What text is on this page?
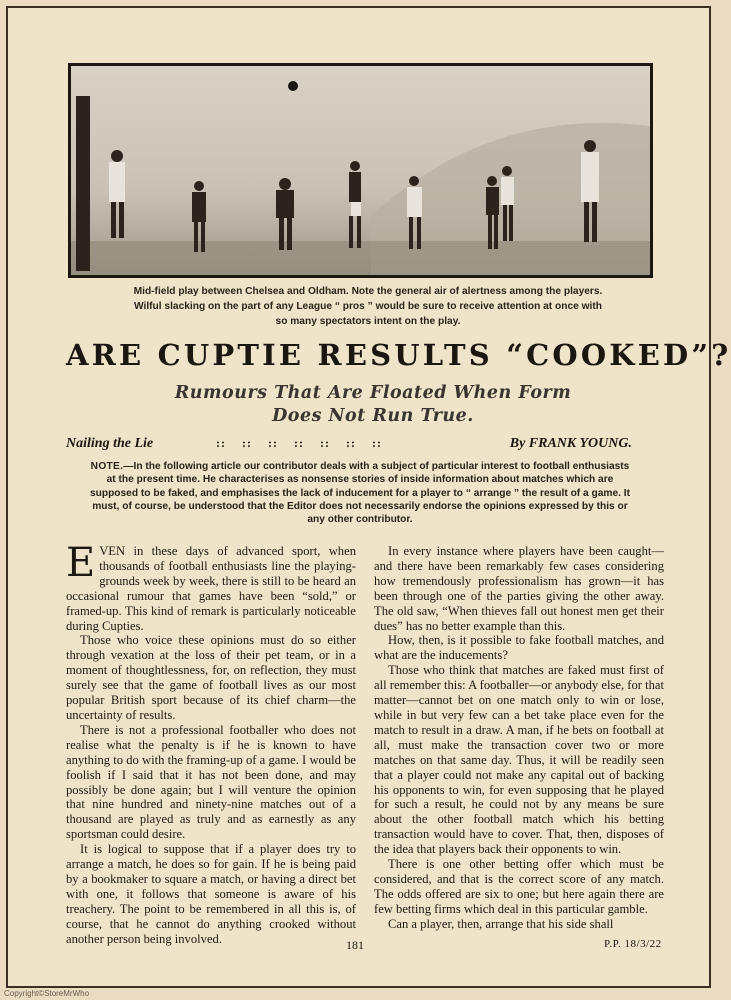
Mid-field play between Chelsea and Oldham. Note the general air of alertness among the players.
Wilful slacking on the part of any League “ pros ” would be sure to receive attention at once with
so many spectators intent on the play.
ARE CUPTIE RESULTS “COOKED”?
Rumours That Are Floated When Form
Does Not Run True.
Nailing the Lie	::    ::    ::    ::    ::    ::    ::	By FRANK YOUNG.
NOTE.—In the following article our contributor deals with a subject of particular interest to football enthusiasts at the present time. He characterises as nonsense stories of inside information about matches which are supposed to be faked, and emphasises the lack of inducement for a player to “ arrange ” the result of a game. It must, of course, be understood that the Editor does not necessarily endorse the opinions expressed by this or any other contributor.

EVEN in these days of advanced sport, when thousands of football enthusiasts line the playing-grounds week by week, there is still to be heard an occasional rumour that games have been “sold,” or framed-up. This kind of remark is particularly noticeable during Cupties.

Those who voice these opinions must do so either through vexation at the loss of their pet team, or in a moment of thoughtlessness, for, on reflection, they must surely see that the game of football lives as our most popular British sport because of its chief charm—the uncertainty of results.

There is not a professional footballer who does not realise what the penalty is if he is known to have anything to do with the framing-up of a game. I would be foolish if I said that it has not been done, and may possibly be done again; but I will venture the opinion that nine hundred and ninety-nine matches out of a thousand are played as truly and as earnestly as any sportsman could desire.

It is logical to suppose that if a player does try to arrange a match, he does so for gain. If he is being paid by a bookmaker to square a match, or having a direct bet with one, it follows that someone is aware of his treachery. The point to be remembered in all this is, of course, that he cannot do anything crooked without another person being involved.

In every instance where players have been caught—and there have been remarkably few cases considering how tremendously professionalism has grown—it has been through one of the parties giving the other away. The old saw, “When thieves fall out honest men get their dues” has no better example than this.

How, then, is it possible to fake football matches, and what are the inducements?

Those who think that matches are faked must first of all remember this: A footballer—or anybody else, for that matter—cannot bet on one match only to win or lose, while in but very few can a bet take place even for the match to result in a draw. A man, if he bets on football at all, must make the transaction cover two or more matches on that same day. Thus, it will be readily seen that a player could not make any capital out of backing his opponents to win, for even supposing that he played for such a result, he could not by any means be sure about the other football match which his betting transaction would have to cover. That, then, disposes of the idea that players back their opponents to win.

There is one other betting offer which must be considered, and that is the correct score of any match. The odds offered are six to one; but here again there are few betting firms which deal in this particular gamble.

Can a player, then, arrange that his side shall

181	P.P. 18/3/22
Copyright©StoreMrWho
